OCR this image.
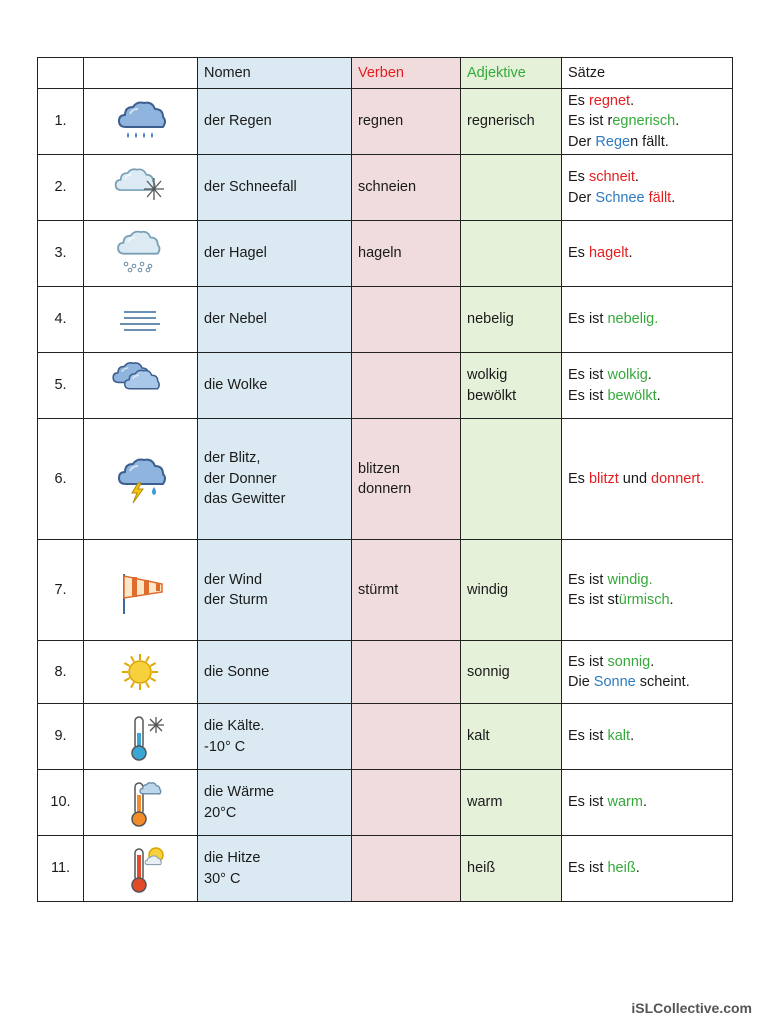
		Nomen	Verben	Adjektive	Sätze
1.		der Regen	regnen	regnerisch	Es regnet.
Es ist regnerisch.
Der Regen fällt.

2.		der Schneefall	schneien		Es schneit.
Der Schnee fällt.

3.		der Hagel	hageln		Es hagelt.

4.		der Nebel		nebelig	Es ist nebelig.

5.		die Wolke		wolkig
bewölkt	Es ist wolkig.
Es ist bewölkt.

6.		der Blitz,
der Donner
das Gewitter	blitzen
donnern		Es blitzt und donnert.

7.		der Wind
der Sturm	stürmt	windig	Es ist windig.
Es ist stürmisch.

8.		die Sonne		sonnig	Es ist sonnig.
Die Sonne scheint.

9.		die Kälte.
-10° C		kalt	Es ist kalt.

10.		die Wärme
20°C		warm	Es ist warm.

11.		die Hitze
30° C		heiß	Es ist heiß.
iSLCollective.com
